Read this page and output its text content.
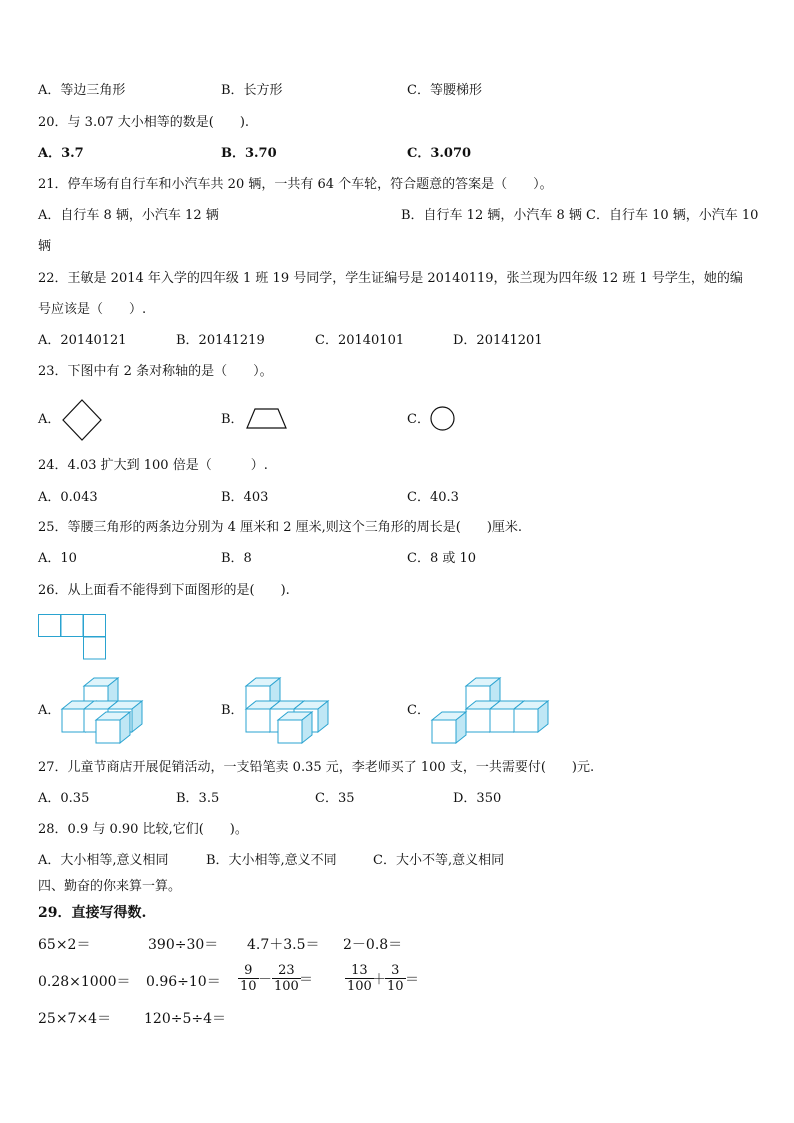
A．等边三角形	B．长方形	C．等腰梯形
20．与 3.07 大小相等的数是(　　).
A．3.7	B．3.70	C．3.070
21．停车场有自行车和小汽车共 20 辆，一共有 64 个车轮，符合题意的答案是（　　）。
A．自行车 8 辆，小汽车 12 辆	B．自行车 12 辆，小汽车 8 辆 C．自行车 10 辆，小汽车 10
辆
22．王敏是 2014 年入学的四年级 1 班 19 号同学，学生证编号是 20140119，张兰现为四年级 12 班 1 号学生，她的编
号应该是（　　）.
A．20140121	B．20141219	C．20140101	D．20141201
23．下图中有 2 条对称轴的是（　　）。
A．	B．	C．
24．4.03 扩大到 100 倍是（　　　）.
A．0.043	B．403	C．40.3
25．等腰三角形的两条边分别为 4 厘米和 2 厘米,则这个三角形的周长是(　　)厘米.
A．10	B．8	C．8 或 10
26．从上面看不能得到下面图形的是(　　).
A．	B．	C．
27．儿童节商店开展促销活动，一支铅笔卖 0.35 元，李老师买了 100 支，一共需要付(　　)元.
A．0.35	B．3.5	C．35	D．350
28．0.9 与 0.90 比较,它们(　　)。
A．大小相等,意义相同	B．大小相等,意义不同	C．大小不等,意义相同
四、勤奋的你来算一算。
29．直接写得数.
65×2＝	390÷30＝ 4.7＋3.5＝ 2－0.8＝
$0.28\times 1000= 0.96\div 10= \frac{9}{10} - \frac{23}{100}$
＝ $\frac{13}{100}$
＋ $\frac{3}{10}$ ＝
25×7×4＝ 120÷5÷4＝
